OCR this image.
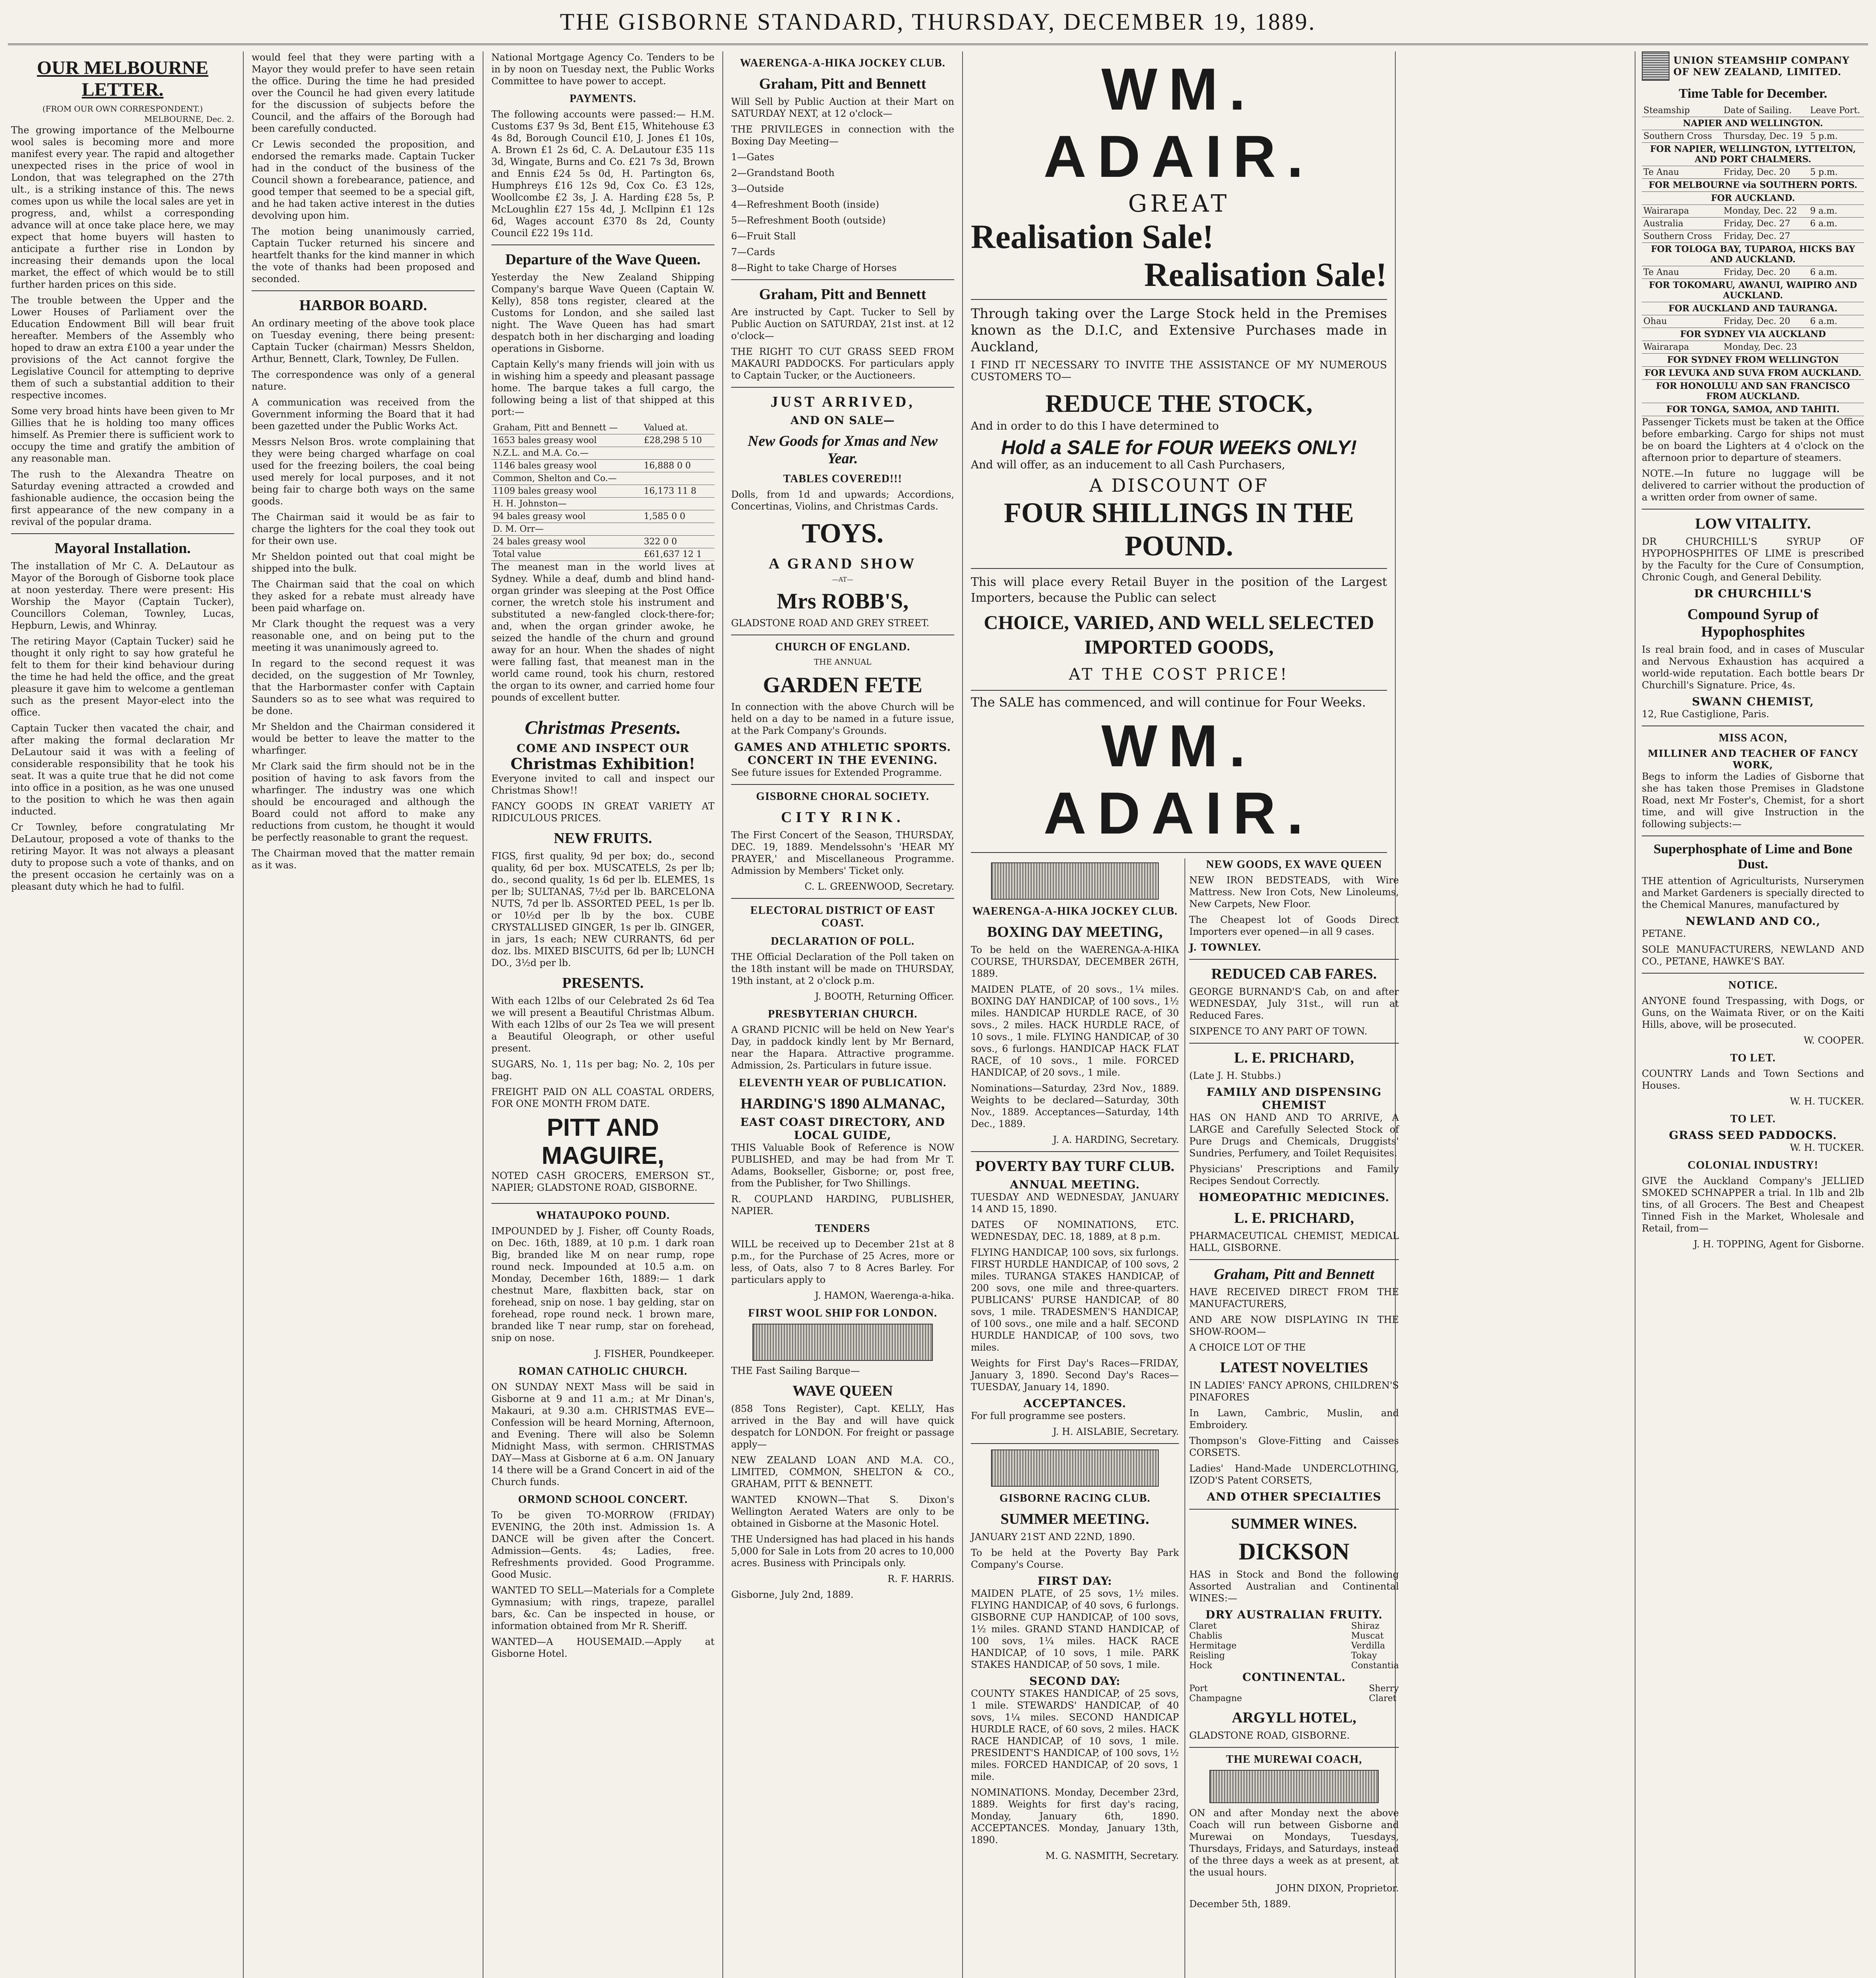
THE GISBORNE STANDARD, THURSDAY, DECEMBER 19, 1889.
OUR MELBOURNE LETTER.
(FROM OUR OWN CORRESPONDENT.)
MELBOURNE, Dec. 2.

The growing importance of the Melbourne wool sales is becoming more and more manifest every year. The rapid and altogether unexpected rises in the price of wool in London, that was telegraphed on the 27th ult., is a striking instance of this. The news comes upon us while the local sales are yet in progress, and, whilst a corresponding advance will at once take place here, we may expect that home buyers will hasten to anticipate a further rise in London by increasing their demands upon the local market, the effect of which would be to still further harden prices on this side.

The trouble between the Upper and the Lower Houses of Parliament over the Education Endowment Bill will bear fruit hereafter. Members of the Assembly who hoped to draw an extra £100 a year under the provisions of the Act cannot forgive the Legislative Council for attempting to deprive them of such a substantial addition to their respective incomes.

Some very broad hints have been given to Mr Gillies that he is holding too many offices himself. As Premier there is sufficient work to occupy the time and gratify the ambition of any reasonable man.

The rush to the Alexandra Theatre on Saturday evening attracted a crowded and fashionable audience, the occasion being the first appearance of the new company in a revival of the popular drama.

Mayoral Installation.

The installation of Mr C. A. DeLautour as Mayor of the Borough of Gisborne took place at noon yesterday. There were present: His Worship the Mayor (Captain Tucker), Councillors Coleman, Townley, Lucas, Hepburn, Lewis, and Whinray.

The retiring Mayor (Captain Tucker) said he thought it only right to say how grateful he felt to them for their kind behaviour during the time he had held the office, and the great pleasure it gave him to welcome a gentleman such as the present Mayor-elect into the office.

Captain Tucker then vacated the chair, and after making the formal declaration Mr DeLautour said it was with a feeling of considerable responsibility that he took his seat. It was a quite true that he did not come into office in a position, as he was one unused to the position to which he was then again inducted.

Cr Townley, before congratulating Mr DeLautour, proposed a vote of thanks to the retiring Mayor. It was not always a pleasant duty to propose such a vote of thanks, and on the present occasion he certainly was on a pleasant duty which he had to fulfil.

would feel that they were parting with a Mayor they would prefer to have seen retain the office. During the time he had presided over the Council he had given every latitude for the discussion of subjects before the Council, and the affairs of the Borough had been carefully conducted.

Cr Lewis seconded the proposition, and endorsed the remarks made. Captain Tucker had in the conduct of the business of the Council shown a forebearance, patience, and good temper that seemed to be a special gift, and he had taken active interest in the duties devolving upon him.

The motion being unanimously carried, Captain Tucker returned his sincere and heartfelt thanks for the kind manner in which the vote of thanks had been proposed and seconded.

HARBOR BOARD.

An ordinary meeting of the above took place on Tuesday evening, there being present: Captain Tucker (chairman) Messrs Sheldon, Arthur, Bennett, Clark, Townley, De Fullen.

The correspondence was only of a general nature.

A communication was received from the Government informing the Board that it had been gazetted under the Public Works Act.

Messrs Nelson Bros. wrote complaining that they were being charged wharfage on coal used for the freezing boilers, the coal being used merely for local purposes, and it not being fair to charge both ways on the same goods.

The Chairman said it would be as fair to charge the lighters for the coal they took out for their own use.

Mr Sheldon pointed out that coal might be shipped into the bulk.

The Chairman said that the coal on which they asked for a rebate must already have been paid wharfage on.

Mr Clark thought the request was a very reasonable one, and on being put to the meeting it was unanimously agreed to.

In regard to the second request it was decided, on the suggestion of Mr Townley, that the Harbormaster confer with Captain Saunders so as to see what was required to be done.

Mr Sheldon and the Chairman considered it would be better to leave the matter to the wharfinger.

Mr Clark said the firm should not be in the position of having to ask favors from the wharfinger. The industry was one which should be encouraged and although the Board could not afford to make any reductions from custom, he thought it would be perfectly reasonable to grant the request.

The Chairman moved that the matter remain as it was.

National Mortgage Agency Co. Tenders to be in by noon on Tuesday next, the Public Works Committee to have power to accept.

PAYMENTS.

The following accounts were passed:— H.M. Customs £37 9s 3d, Bent £15, Whitehouse £3 4s 8d, Borough Council £10, J. Jones £1 10s, A. Brown £1 2s 6d, C. A. DeLautour £35 11s 3d, Wingate, Burns and Co. £21 7s 3d, Brown and Ennis £24 5s 0d, H. Partington 6s, Humphreys £16 12s 9d, Cox Co. £3 12s, Woollcombe £2 3s, J. A. Harding £28 5s, P. McLoughlin £27 15s 4d, J. McIlpinn £1 12s 6d, Wages account £370 8s 2d, County Council £22 19s 11d.

Departure of the Wave Queen.

Yesterday the New Zealand Shipping Company's barque Wave Queen (Captain W. Kelly), 858 tons register, cleared at the Customs for London, and she sailed last night. The Wave Queen has had smart despatch both in her discharging and loading operations in Gisborne.

Captain Kelly's many friends will join with us in wishing him a speedy and pleasant passage home. The barque takes a full cargo, the following being a list of that shipped at this port:—

Graham, Pitt and Bennett —	Valued at.
1653 bales greasy wool	£28,298 5 10
N.Z.L. and M.A. Co.—	
1146 bales greasy wool	16,888 0 0
Common, Shelton and Co.—	
1109 bales greasy wool	16,173 11 8
H. H. Johnston—	
94 bales greasy wool	1,585 0 0
D. M. Orr—	
24 bales greasy wool	322 0 0
Total value	£61,637 12 1

The meanest man in the world lives at Sydney. While a deaf, dumb and blind hand-organ grinder was sleeping at the Post Office corner, the wretch stole his instrument and substituted a new-fangled clock-there-for; and, when the organ grinder awoke, he seized the handle of the churn and ground away for an hour. When the shades of night were falling fast, that meanest man in the world came round, took his churn, restored the organ to its owner, and carried home four pounds of excellent butter.

Christmas Presents.
COME AND INSPECT OUR
Christmas Exhibition!

Everyone invited to call and inspect our Christmas Show!!

FANCY GOODS IN GREAT VARIETY AT RIDICULOUS PRICES.

NEW FRUITS.

FIGS, first quality, 9d per box; do., second quality, 6d per box. MUSCATELS, 2s per lb; do., second quality, 1s 6d per lb. ELEMES, 1s per lb; SULTANAS, 7½d per lb. BARCELONA NUTS, 7d per lb. ASSORTED PEEL, 1s per lb. or 10½d per lb by the box. CUBE CRYSTALLISED GINGER, 1s per lb. GINGER, in jars, 1s each; NEW CURRANTS, 6d per doz. lbs. MIXED BISCUITS, 6d per lb; LUNCH DO., 3½d per lb.

PRESENTS.

With each 12lbs of our Celebrated 2s 6d Tea we will present a Beautiful Christmas Album. With each 12lbs of our 2s Tea we will present a Beautiful Oleograph, or other useful present.

SUGARS, No. 1, 11s per bag; No. 2, 10s per bag.

FREIGHT PAID ON ALL COASTAL ORDERS, FOR ONE MONTH FROM DATE.

PITT AND MAGUIRE,

NOTED CASH GROCERS, EMERSON ST., NAPIER; GLADSTONE ROAD, GISBORNE.

WHATAUPOKO POUND.

IMPOUNDED by J. Fisher, off County Roads, on Dec. 16th, 1889, at 10 p.m. 1 dark roan Big, branded like M on near rump, rope round neck. Impounded at 10.5 a.m. on Monday, December 16th, 1889:— 1 dark chestnut Mare, flaxbitten back, star on forehead, snip on nose. 1 bay gelding, star on forehead, rope round neck. 1 brown mare, branded like T near rump, star on forehead, snip on nose.

J. FISHER, Poundkeeper.

ROMAN CATHOLIC CHURCH.

ON SUNDAY NEXT Mass will be said in Gisborne at 9 and 11 a.m.; at Mr Dinan's, Makauri, at 9.30 a.m. CHRISTMAS EVE—Confession will be heard Morning, Afternoon, and Evening. There will also be Solemn Midnight Mass, with sermon. CHRISTMAS DAY—Mass at Gisborne at 6 a.m. ON January 14 there will be a Grand Concert in aid of the Church funds.

ORMOND SCHOOL CONCERT.

To be given TO-MORROW (FRIDAY) EVENING, the 20th inst. Admission 1s. A DANCE will be given after the Concert. Admission—Gents. 4s; Ladies, free. Refreshments provided. Good Programme. Good Music.

WANTED TO SELL—Materials for a Complete Gymnasium; with rings, trapeze, parallel bars, &c. Can be inspected in house, or information obtained from Mr R. Sheriff.

WANTED—A HOUSEMAID.—Apply at Gisborne Hotel.

WAERENGA-A-HIKA JOCKEY CLUB.
Graham, Pitt and Bennett

Will Sell by Public Auction at their Mart on SATURDAY NEXT, at 12 o'clock—

THE PRIVILEGES in connection with the Boxing Day Meeting—

1—Gates

2—Grandstand Booth

3—Outside

4—Refreshment Booth (inside)

5—Refreshment Booth (outside)

6—Fruit Stall

7—Cards

8—Right to take Charge of Horses

Graham, Pitt and Bennett

Are instructed by Capt. Tucker to Sell by Public Auction on SATURDAY, 21st inst. at 12 o'clock—

THE RIGHT TO CUT GRASS SEED FROM MAKAURI PADDOCKS. For particulars apply to Captain Tucker, or the Auctioneers.

JUST ARRIVED,
AND ON SALE—
New Goods for Xmas and New Year.
TABLES COVERED!!!

Dolls, from 1d and upwards; Accordions, Concertinas, Violins, and Christmas Cards.

TOYS.
A GRAND SHOW
—AT—
Mrs ROBB'S,

GLADSTONE ROAD AND GREY STREET.

CHURCH OF ENGLAND.
THE ANNUAL
GARDEN FETE

In connection with the above Church will be held on a day to be named in a future issue, at the Park Company's Grounds.

GAMES AND ATHLETIC SPORTS.
CONCERT IN THE EVENING.

See future issues for Extended Programme.

GISBORNE CHORAL SOCIETY.
CITY RINK.

The First Concert of the Season, THURSDAY, DEC. 19, 1889. Mendelssohn's 'HEAR MY PRAYER,' and Miscellaneous Programme. Admission by Members' Ticket only.

C. L. GREENWOOD, Secretary.

ELECTORAL DISTRICT OF EAST COAST.
DECLARATION OF POLL.

THE Official Declaration of the Poll taken on the 18th instant will be made on THURSDAY, 19th instant, at 2 o'clock p.m.

J. BOOTH, Returning Officer.

PRESBYTERIAN CHURCH.

A GRAND PICNIC will be held on New Year's Day, in paddock kindly lent by Mr Bernard, near the Hapara. Attractive programme. Admission, 2s. Particulars in future issue.

ELEVENTH YEAR OF PUBLICATION.
HARDING'S 1890 ALMANAC,
EAST COAST DIRECTORY, AND LOCAL GUIDE,

THIS Valuable Book of Reference is NOW PUBLISHED, and may be had from Mr T. Adams, Bookseller, Gisborne; or, post free, from the Publisher, for Two Shillings.

R. COUPLAND HARDING, PUBLISHER, NAPIER.

TENDERS

WILL be received up to December 21st at 8 p.m., for the Purchase of 25 Acres, more or less, of Oats, also 7 to 8 Acres Barley. For particulars apply to

J. HAMON, Waerenga-a-hika.

FIRST WOOL SHIP FOR LONDON.

THE Fast Sailing Barque—

WAVE QUEEN

(858 Tons Register), Capt. KELLY, Has arrived in the Bay and will have quick despatch for LONDON. For freight or passage apply—

NEW ZEALAND LOAN AND M.A. CO., LIMITED, COMMON, SHELTON & CO., GRAHAM, PITT & BENNETT.

WANTED KNOWN—That S. Dixon's Wellington Aerated Waters are only to be obtained in Gisborne at the Masonic Hotel.

THE Undersigned has had placed in his hands 5,000 for Sale in Lots from 20 acres to 10,000 acres. Business with Principals only.

R. F. HARRIS.

Gisborne, July 2nd, 1889.

WM. ADAIR.
GREAT
Realisation Sale!
Realisation Sale!

Through taking over the Large Stock held in the Premises known as the D.I.C, and Extensive Purchases made in Auckland,

I FIND IT NECESSARY TO INVITE THE ASSISTANCE OF MY NUMEROUS CUSTOMERS TO—

REDUCE THE STOCK,

And in order to do this I have determined to

Hold a SALE for FOUR WEEKS ONLY!

And will offer, as an inducement to all Cash Purchasers,

A DISCOUNT OF
FOUR SHILLINGS IN THE POUND.

This will place every Retail Buyer in the position of the Largest Importers, because the Public can select

CHOICE, VARIED, AND WELL SELECTED IMPORTED GOODS,
AT THE COST PRICE!

The SALE has commenced, and will continue for Four Weeks.

WM. ADAIR.
WAERENGA-A-HIKA JOCKEY CLUB.
BOXING DAY MEETING,

To be held on the WAERENGA-A-HIKA COURSE, THURSDAY, DECEMBER 26TH, 1889.

MAIDEN PLATE, of 20 sovs., 1¼ miles. BOXING DAY HANDICAP, of 100 sovs., 1½ miles. HANDICAP HURDLE RACE, of 30 sovs., 2 miles. HACK HURDLE RACE, of 10 sovs., 1 mile. FLYING HANDICAP, of 30 sovs., 6 furlongs. HANDICAP HACK FLAT RACE, of 10 sovs., 1 mile. FORCED HANDICAP, of 20 sovs., 1 mile.

Nominations—Saturday, 23rd Nov., 1889. Weights to be declared—Saturday, 30th Nov., 1889. Acceptances—Saturday, 14th Dec., 1889.

J. A. HARDING, Secretary.

POVERTY BAY TURF CLUB.
ANNUAL MEETING.

TUESDAY AND WEDNESDAY, JANUARY 14 AND 15, 1890.

DATES OF NOMINATIONS, ETC. WEDNESDAY, DEC. 18, 1889, at 8 p.m.

FLYING HANDICAP, 100 sovs, six furlongs. FIRST HURDLE HANDICAP, of 100 sovs, 2 miles. TURANGA STAKES HANDICAP, of 200 sovs, one mile and three-quarters. PUBLICANS' PURSE HANDICAP, of 80 sovs, 1 mile. TRADESMEN'S HANDICAP, of 100 sovs., one mile and a half. SECOND HURDLE HANDICAP, of 100 sovs, two miles.

Weights for First Day's Races—FRIDAY, January 3, 1890. Second Day's Races—TUESDAY, January 14, 1890.

ACCEPTANCES.

For full programme see posters.

J. H. AISLABIE, Secretary.

GISBORNE RACING CLUB.
SUMMER MEETING.

JANUARY 21ST AND 22ND, 1890.

To be held at the Poverty Bay Park Company's Course.

FIRST DAY:

MAIDEN PLATE, of 25 sovs, 1½ miles. FLYING HANDICAP, of 40 sovs, 6 furlongs. GISBORNE CUP HANDICAP, of 100 sovs, 1½ miles. GRAND STAND HANDICAP, of 100 sovs, 1¼ miles. HACK RACE HANDICAP, of 10 sovs, 1 mile. PARK STAKES HANDICAP, of 50 sovs, 1 mile.

SECOND DAY:

COUNTY STAKES HANDICAP, of 25 sovs, 1 mile. STEWARDS' HANDICAP, of 40 sovs, 1¼ miles. SECOND HANDICAP HURDLE RACE, of 60 sovs, 2 miles. HACK RACE HANDICAP, of 10 sovs, 1 mile. PRESIDENT'S HANDICAP, of 100 sovs, 1½ miles. FORCED HANDICAP, of 20 sovs, 1 mile.

NOMINATIONS. Monday, December 23rd, 1889. Weights for first day's racing, Monday, January 6th, 1890. ACCEPTANCES. Monday, January 13th, 1890.

M. G. NASMITH, Secretary.

NEW GOODS, EX WAVE QUEEN

NEW IRON BEDSTEADS, with Wire Mattress. New Iron Cots, New Linoleums, New Carpets, New Floor.

The Cheapest lot of Goods Direct Importers ever opened—in all 9 cases.

J. TOWNLEY.

REDUCED CAB FARES.

GEORGE BURNAND'S Cab, on and after WEDNESDAY, July 31st., will run at Reduced Fares.

SIXPENCE TO ANY PART OF TOWN.

L. E. PRICHARD,

(Late J. H. Stubbs.)

FAMILY AND DISPENSING CHEMIST

HAS ON HAND AND TO ARRIVE, A LARGE and Carefully Selected Stock of Pure Drugs and Chemicals, Druggists' Sundries, Perfumery, and Toilet Requisites.

Physicians' Prescriptions and Family Recipes Sendout Correctly.

HOMEOPATHIC MEDICINES.
L. E. PRICHARD,

PHARMACEUTICAL CHEMIST, MEDICAL HALL, GISBORNE.

Graham, Pitt and Bennett

HAVE RECEIVED DIRECT FROM THE MANUFACTURERS,

AND ARE NOW DISPLAYING IN THE SHOW-ROOM—

A CHOICE LOT OF THE

LATEST NOVELTIES

IN LADIES' FANCY APRONS, CHILDREN'S PINAFORES

In Lawn, Cambric, Muslin, and Embroidery.

Thompson's Glove-Fitting and Caisses CORSETS.

Ladies' Hand-Made UNDERCLOTHING, IZOD'S Patent CORSETS,

AND OTHER SPECIALTIES
SUMMER WINES.
DICKSON

HAS in Stock and Bond the following Assorted Australian and Continental WINES:—

DRY AUSTRALIAN FRUITY.
Claret
Chablis
Hermitage
Reisling
Hock
Shiraz
Muscat
Verdilla
Tokay
Constantia
CONTINENTAL.
Port
Champagne
Sherry
Claret
ARGYLL HOTEL,

GLADSTONE ROAD, GISBORNE.

THE MUREWAI COACH,

ON and after Monday next the above Coach will run between Gisborne and Murewai on Mondays, Tuesdays, Thursdays, Fridays, and Saturdays, instead of the three days a week as at present, at the usual hours.

JOHN DIXON, Proprietor.

December 5th, 1889.

UNION STEAMSHIP COMPANY OF NEW ZEALAND, LIMITED.
Time Table for December.
Steamship	Date of Sailing.	Leave Port.
NAPIER AND WELLINGTON.		
Southern Cross	Thursday, Dec. 19	5 p.m.
FOR NAPIER, WELLINGTON, LYTTELTON, AND PORT CHALMERS.		
Te Anau	Friday, Dec. 20	5 p.m.
FOR MELBOURNE via SOUTHERN PORTS.		
FOR AUCKLAND.		
Wairarapa	Monday, Dec. 22	9 a.m.
Australia	Friday, Dec. 27	6 a.m.
Southern Cross	Friday, Dec. 27	
FOR TOLOGA BAY, TUPAROA, HICKS BAY AND AUCKLAND.		
Te Anau	Friday, Dec. 20	6 a.m.
FOR TOKOMARU, AWANUI, WAIPIRO AND AUCKLAND.		
FOR AUCKLAND AND TAURANGA.		
Ohau	Friday, Dec. 20	6 a.m.
FOR SYDNEY VIA AUCKLAND		
Wairarapa	Monday, Dec. 23	
FOR SYDNEY FROM WELLINGTON		
FOR LEVUKA AND SUVA FROM AUCKLAND.		
FOR HONOLULU AND SAN FRANCISCO FROM AUCKLAND.		
FOR TONGA, SAMOA, AND TAHITI.		

Passenger Tickets must be taken at the Office before embarking. Cargo for ships not must be on board the Lighters at 4 o'clock on the afternoon prior to departure of steamers.

NOTE.—In future no luggage will be delivered to carrier without the production of a written order from owner of same.

LOW VITALITY.

DR CHURCHILL'S SYRUP OF HYPOPHOSPHITES OF LIME is prescribed by the Faculty for the Cure of Consumption, Chronic Cough, and General Debility.

DR CHURCHILL'S
Compound Syrup of Hypophosphites

Is real brain food, and in cases of Muscular and Nervous Exhaustion has acquired a world-wide reputation. Each bottle bears Dr Churchill's Signature. Price, 4s.

SWANN CHEMIST,

12, Rue Castiglione, Paris.

MISS ACON,
MILLINER AND TEACHER OF FANCY WORK,

Begs to inform the Ladies of Gisborne that she has taken those Premises in Gladstone Road, next Mr Foster's, Chemist, for a short time, and will give Instruction in the following subjects:—

Superphosphate of Lime and Bone Dust.

THE attention of Agriculturists, Nurserymen and Market Gardeners is specially directed to the Chemical Manures, manufactured by

NEWLAND AND CO.,

PETANE.

SOLE MANUFACTURERS, NEWLAND AND CO., PETANE, HAWKE'S BAY.

NOTICE.

ANYONE found Trespassing, with Dogs, or Guns, on the Waimata River, or on the Kaiti Hills, above, will be prosecuted.

W. COOPER.

TO LET.

COUNTRY Lands and Town Sections and Houses.

W. H. TUCKER.

TO LET.
GRASS SEED PADDOCKS.

W. H. TUCKER.

COLONIAL INDUSTRY!

GIVE the Auckland Company's JELLIED SMOKED SCHNAPPER a trial. In 1lb and 2lb tins, of all Grocers. The Best and Cheapest Tinned Fish in the Market, Wholesale and Retail, from—

J. H. TOPPING, Agent for Gisborne.
